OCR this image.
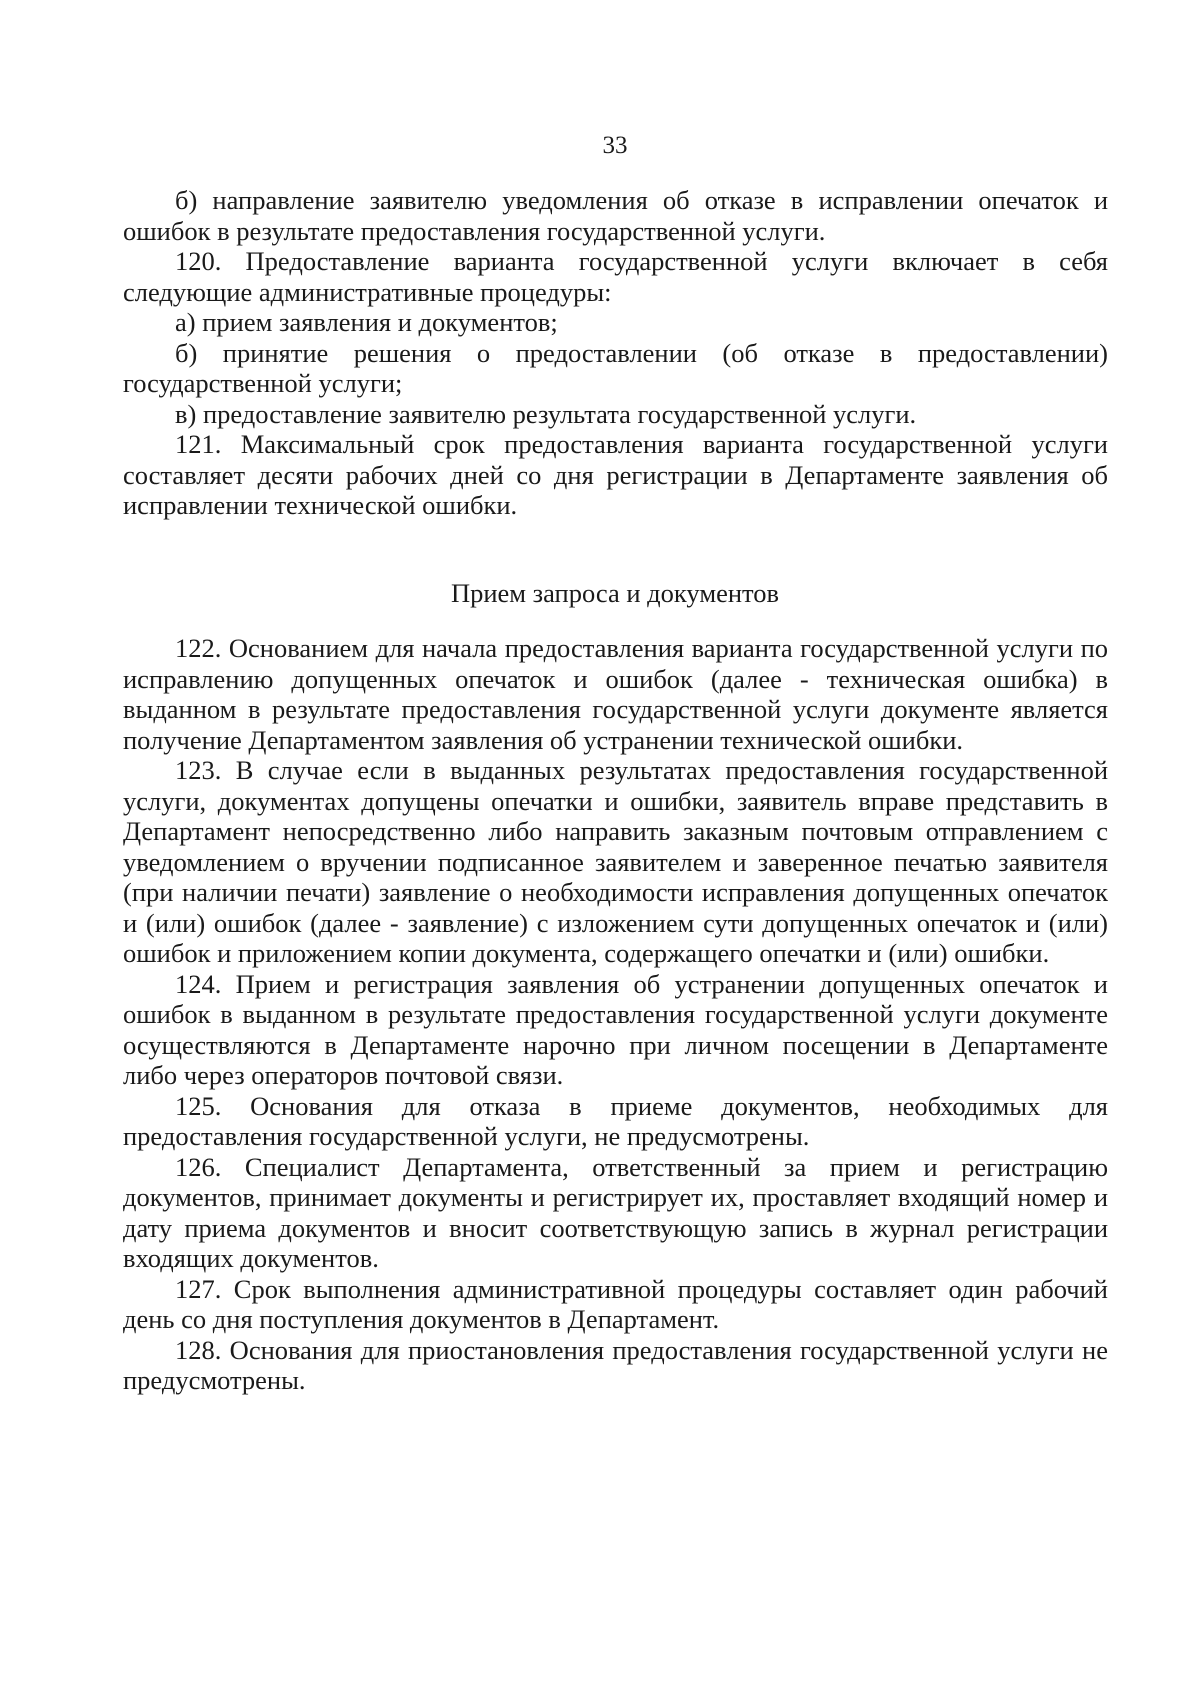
33

б) направление заявителю уведомления об отказе в исправлении опечаток и ошибок в результате предоставления государственной услуги.

120. Предоставление варианта государственной услуги включает в себя следующие административные процедуры:

а) прием заявления и документов;

б) принятие решения о предоставлении (об отказе в предоставлении) государственной услуги;

в) предоставление заявителю результата государственной услуги.

121. Максимальный срок предоставления варианта государственной услуги составляет десяти рабочих дней со дня регистрации в Департаменте заявления об исправлении технической ошибки.

Прием запроса и документов

122. Основанием для начала предоставления варианта государственной услуги по исправлению допущенных опечаток и ошибок (далее - техническая ошибка) в выданном в результате предоставления государственной услуги документе является получение Департаментом заявления об устранении технической ошибки.

123. В случае если в выданных результатах предоставления государственной услуги, документах допущены опечатки и ошибки, заявитель вправе представить в Департамент непосредственно либо направить заказным почтовым отправлением с уведомлением о вручении подписанное заявителем и заверенное печатью заявителя (при наличии печати) заявление о необходимости исправления допущенных опечаток и (или) ошибок (далее - заявление) с изложением сути допущенных опечаток и (или) ошибок и приложением копии документа, содержащего опечатки и (или) ошибки.

124. Прием и регистрация заявления об устранении допущенных опечаток и ошибок в выданном в результате предоставления государственной услуги документе осуществляются в Департаменте нарочно при личном посещении в Департаменте либо через операторов почтовой связи.

125. Основания для отказа в приеме документов, необходимых для предоставления государственной услуги, не предусмотрены.

126. Специалист Департамента, ответственный за прием и регистрацию документов, принимает документы и регистрирует их, проставляет входящий номер и дату приема документов и вносит соответствующую запись в журнал регистрации входящих документов.

127. Срок выполнения административной процедуры составляет один рабочий день со дня поступления документов в Департамент.

128. Основания для приостановления предоставления государственной услуги не предусмотрены.
